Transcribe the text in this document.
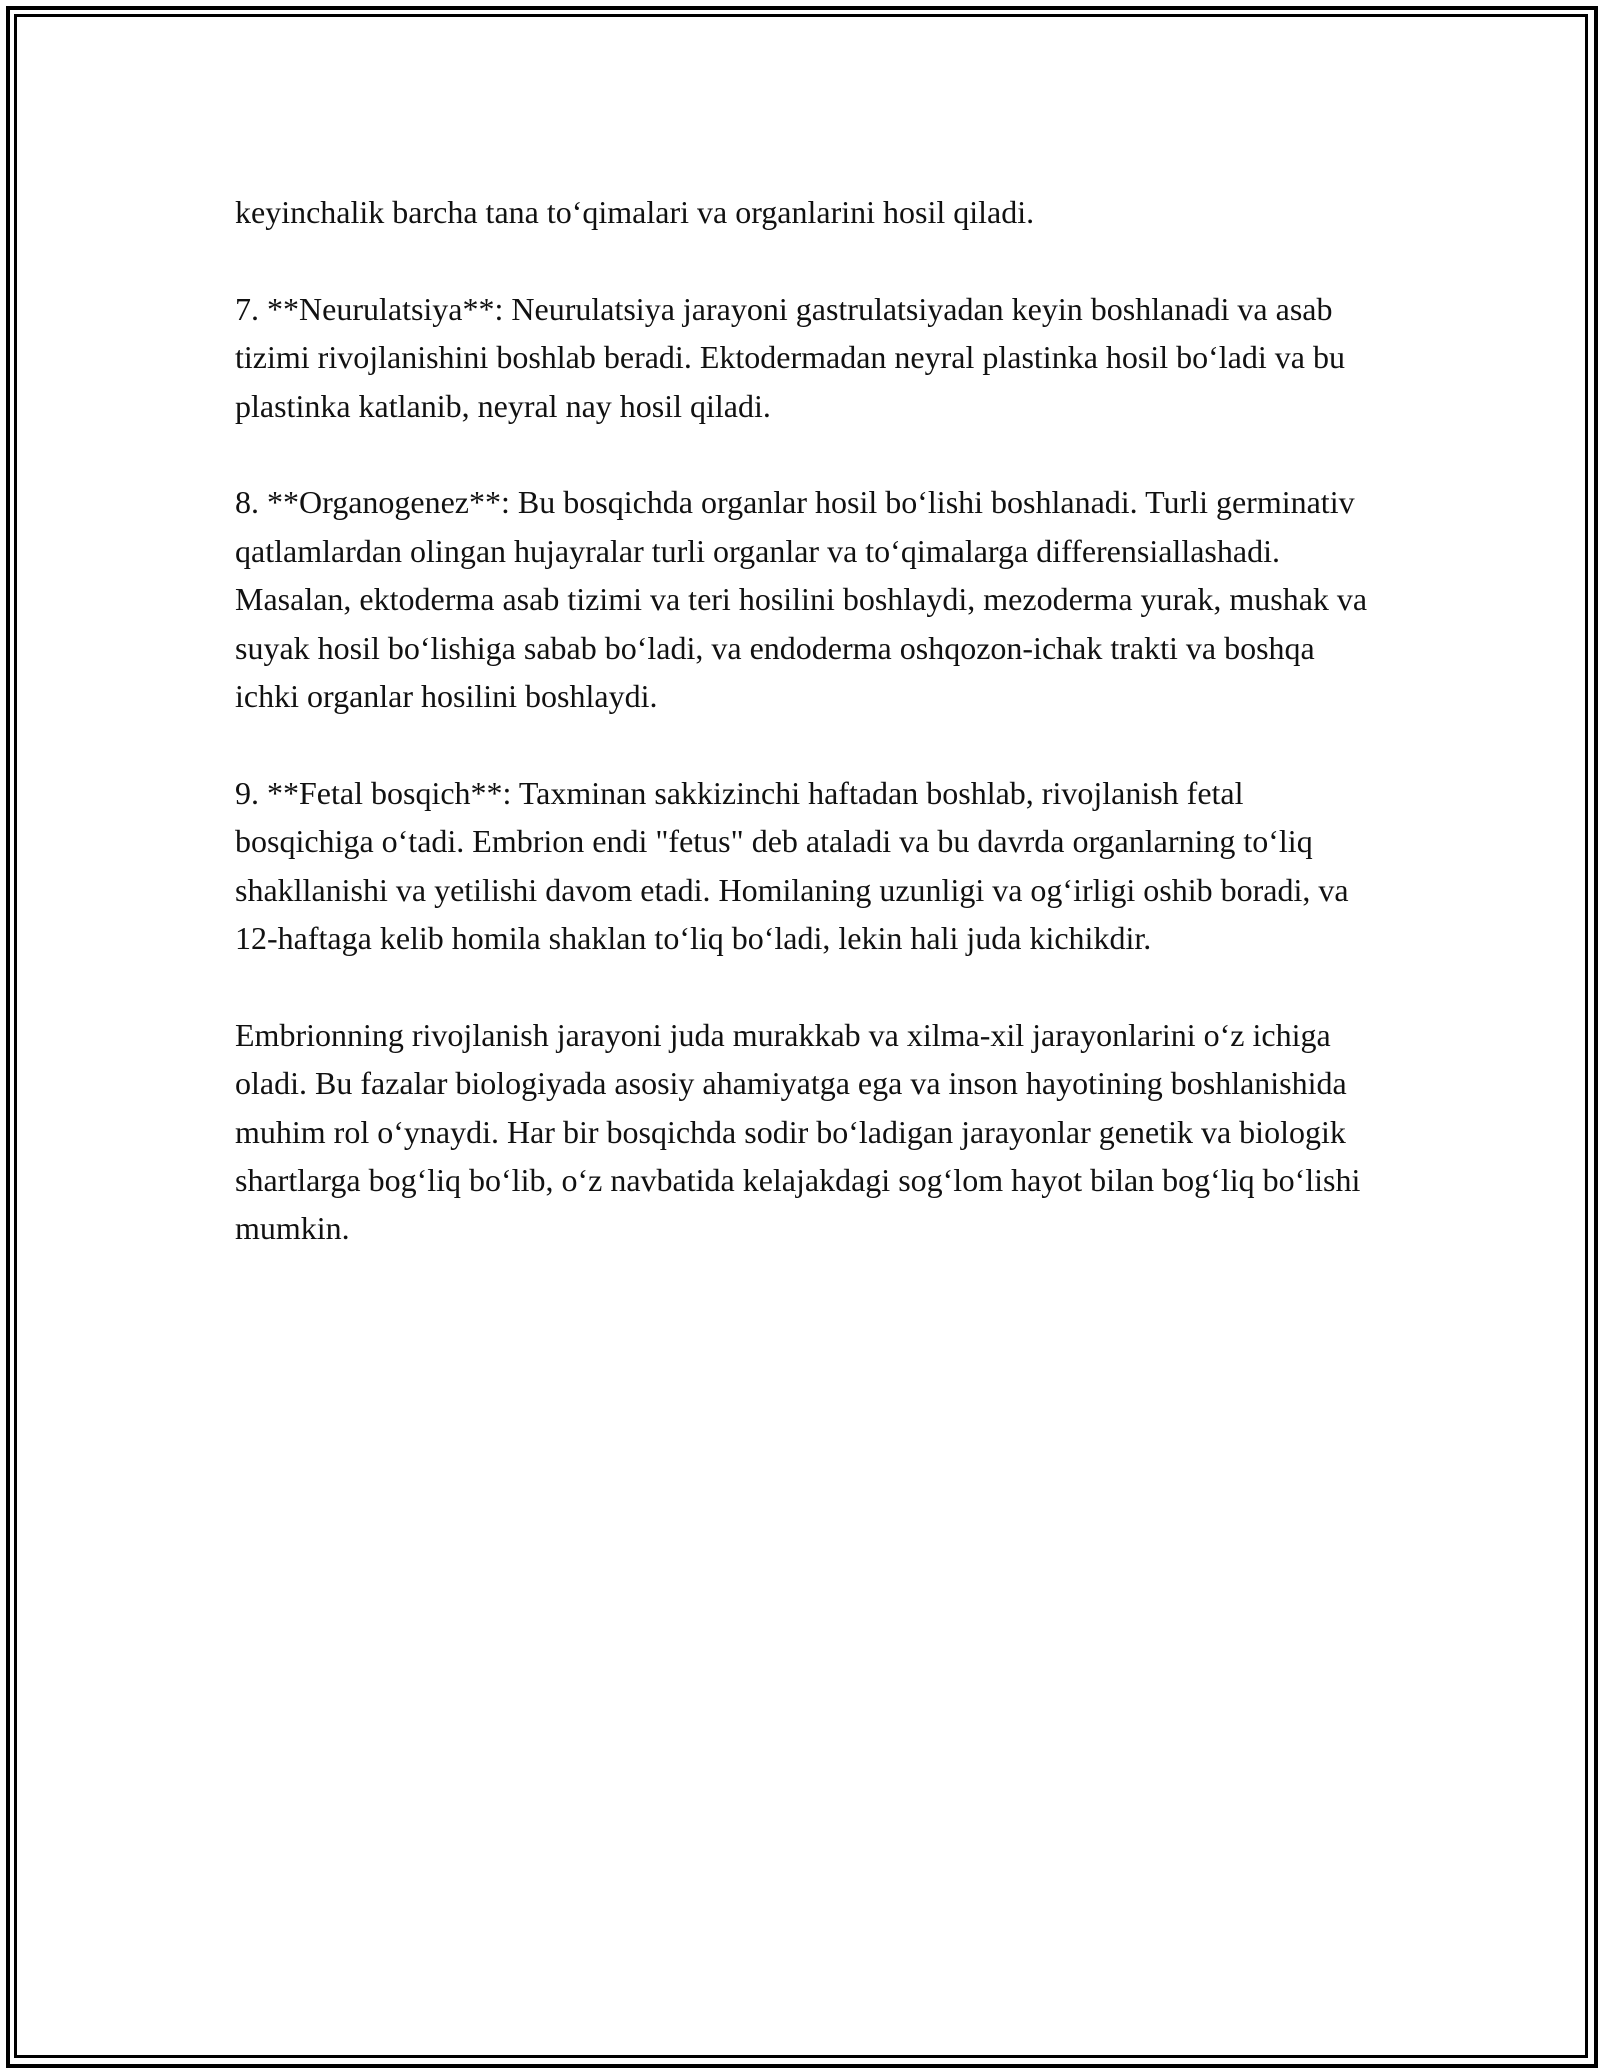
keyinchalik barcha tana to‘qimalari va organlarini hosil qiladi.

7. **Neurulatsiya**: Neurulatsiya jarayoni gastrulatsiyadan keyin boshlanadi va asab tizimi rivojlanishini boshlab beradi. Ektodermadan neyral plastinka hosil bo‘ladi va bu plastinka katlanib, neyral nay hosil qiladi.

8. **Organogenez**: Bu bosqichda organlar hosil bo‘lishi boshlanadi. Turli germinativ qatlamlardan olingan hujayralar turli organlar va to‘qimalarga differensiallashadi. Masalan, ektoderma asab tizimi va teri hosilini boshlaydi, mezoderma yurak, mushak va suyak hosil bo‘lishiga sabab bo‘ladi, va endoderma oshqozon-ichak trakti va boshqa ichki organlar hosilini boshlaydi.

9. **Fetal bosqich**: Taxminan sakkizinchi haftadan boshlab, rivojlanish fetal bosqichiga o‘tadi. Embrion endi "fetus" deb ataladi va bu davrda organlarning to‘liq shakllanishi va yetilishi davom etadi. Homilaning uzunligi va og‘irligi oshib boradi, va 12-haftaga kelib homila shaklan to‘liq bo‘ladi, lekin hali juda kichikdir.

Embrionning rivojlanish jarayoni juda murakkab va xilma-xil jarayonlarini o‘z ichiga oladi. Bu fazalar biologiyada asosiy ahamiyatga ega va inson hayotining boshlanishida muhim rol o‘ynaydi. Har bir bosqichda sodir bo‘ladigan jarayonlar genetik va biologik shartlarga bog‘liq bo‘lib, o‘z navbatida kelajakdagi sog‘lom hayot bilan bog‘liq bo‘lishi mumkin.
